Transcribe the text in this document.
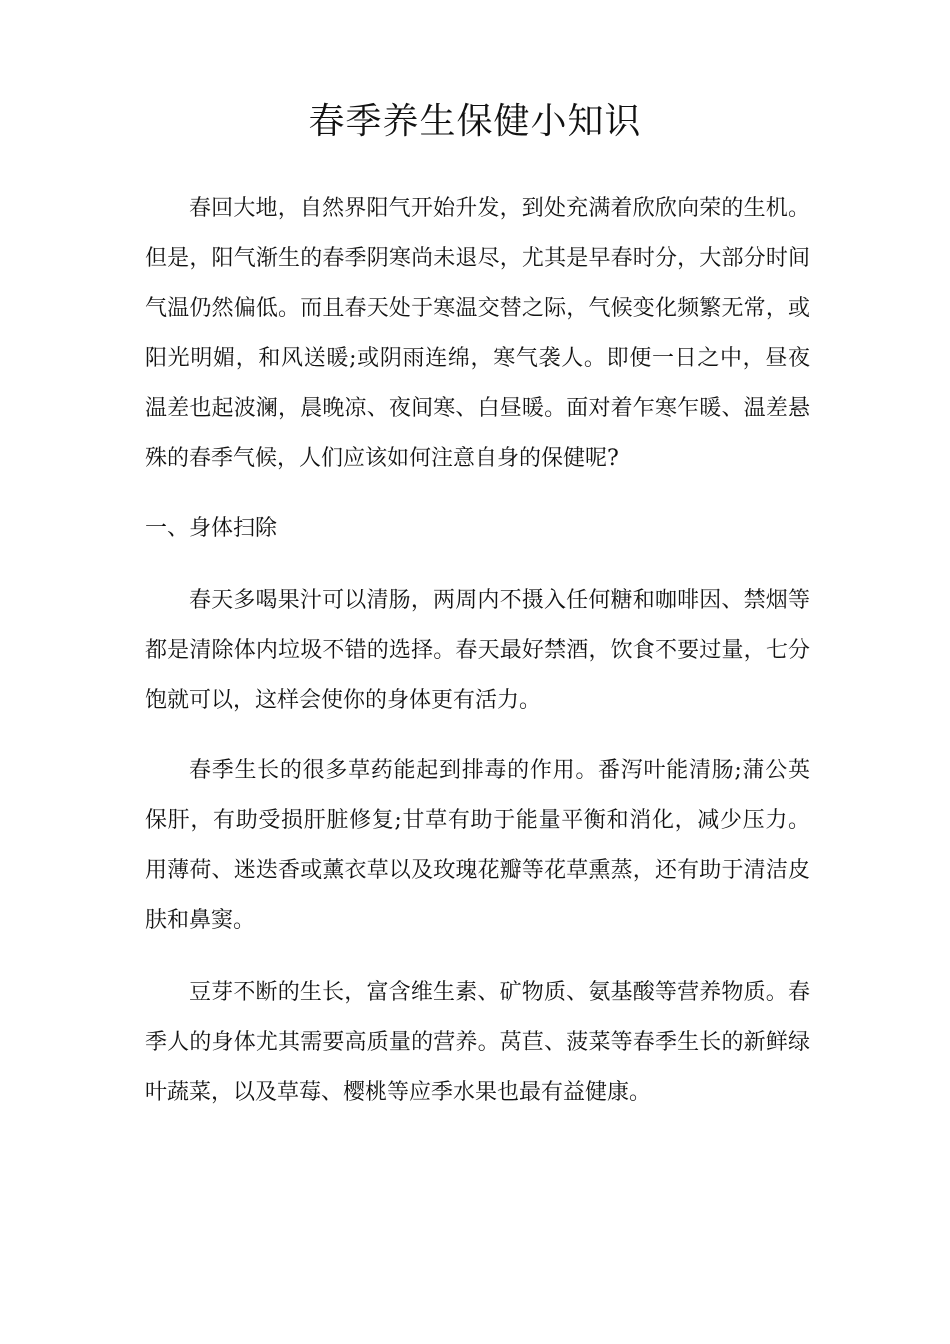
春季养生保健小知识

春回大地，自然界阳气开始升发，到处充满着欣欣向荣的生机。但是，阳气渐生的春季阴寒尚未退尽，尤其是早春时分，大部分时间气温仍然偏低。而且春天处于寒温交替之际，气候变化频繁无常，或阳光明媚，和风送暖;或阴雨连绵，寒气袭人。即便一日之中，昼夜温差也起波澜，晨晚凉、夜间寒、白昼暖。面对着乍寒乍暖、温差悬殊的春季气候，人们应该如何注意自身的保健呢?

一、身体扫除

春天多喝果汁可以清肠，两周内不摄入任何糖和咖啡因、禁烟等都是清除体内垃圾不错的选择。春天最好禁酒，饮食不要过量，七分饱就可以，这样会使你的身体更有活力。

春季生长的很多草药能起到排毒的作用。番泻叶能清肠;蒲公英保肝，有助受损肝脏修复;甘草有助于能量平衡和消化，减少压力。用薄荷、迷迭香或薰衣草以及玫瑰花瓣等花草熏蒸，还有助于清洁皮肤和鼻窦。

豆芽不断的生长，富含维生素、矿物质、氨基酸等营养物质。春季人的身体尤其需要高质量的营养。莴苣、菠菜等春季生长的新鲜绿叶蔬菜，以及草莓、樱桃等应季水果也最有益健康。
